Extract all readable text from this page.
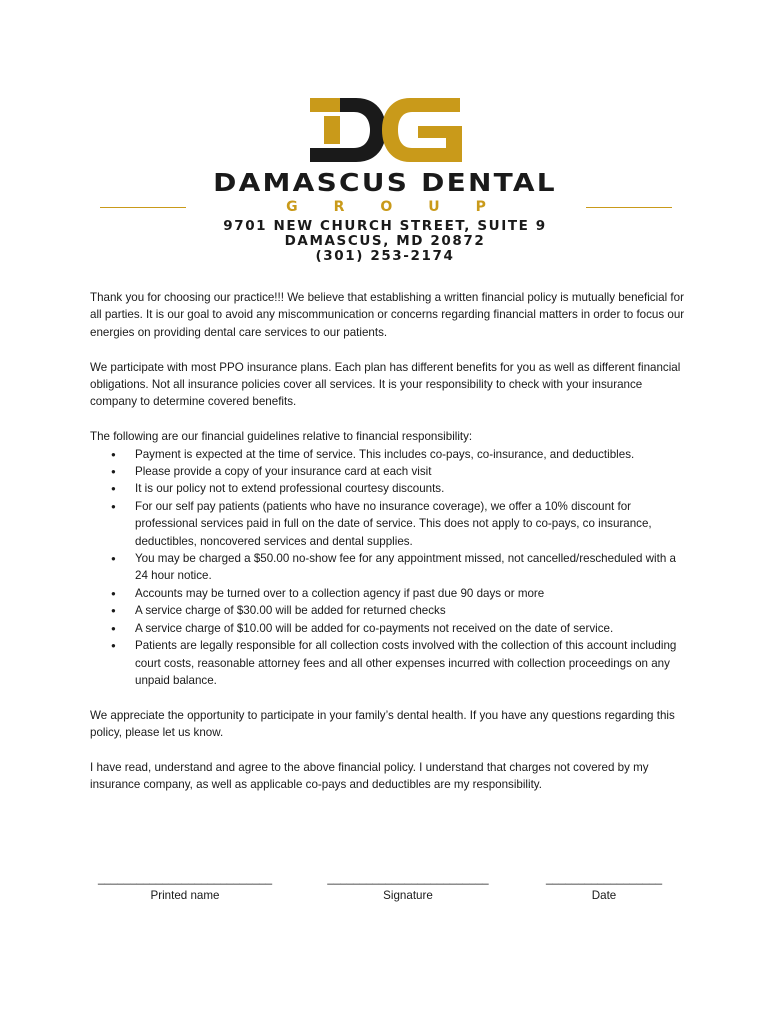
DAMASCUS DENTAL
GROUP
9701 NEW CHURCH STREET, SUITE 9
DAMASCUS, MD 20872
(301) 253-2174

Thank you for choosing our practice!!! We believe that establishing a written financial policy is mutually beneficial for all parties. It is our goal to avoid any miscommunication or concerns regarding financial matters in order to focus our energies on providing dental care services to our patients.

We participate with most PPO insurance plans. Each plan has different benefits for you as well as different financial obligations. Not all insurance policies cover all services. It is your responsibility to check with your insurance company to determine covered benefits.

The following are our financial guidelines relative to financial responsibility:
● Payment is expected at the time of service. This includes co-pays, co-insurance, and deductibles.
● Please provide a copy of your insurance card at each visit
● It is our policy not to extend professional courtesy discounts.
● For our self pay patients (patients who have no insurance coverage), we offer a 10% discount for professional services paid in full on the date of service. This does not apply to co-pays, co insurance, deductibles, noncovered services and dental supplies.
● You may be charged a $50.00 no-show fee for any appointment missed, not cancelled/rescheduled with a 24 hour notice.
● Accounts may be turned over to a collection agency if past due 90 days or more
● A service charge of $30.00 will be added for returned checks
● A service charge of $10.00 will be added for co-payments not received on the date of service.
● Patients are legally responsible for all collection costs involved with the collection of this account including court costs, reasonable attorney fees and all other expenses incurred with collection proceedings on any unpaid balance.

We appreciate the opportunity to participate in your family’s dental health. If you have any questions regarding this policy, please let us know.

I have read, understand and agree to the above financial policy. I understand that charges not covered by my insurance company, as well as applicable co-pays and deductibles are my responsibility.

___________________________
Printed name
_________________________
Signature
__________________
Date
